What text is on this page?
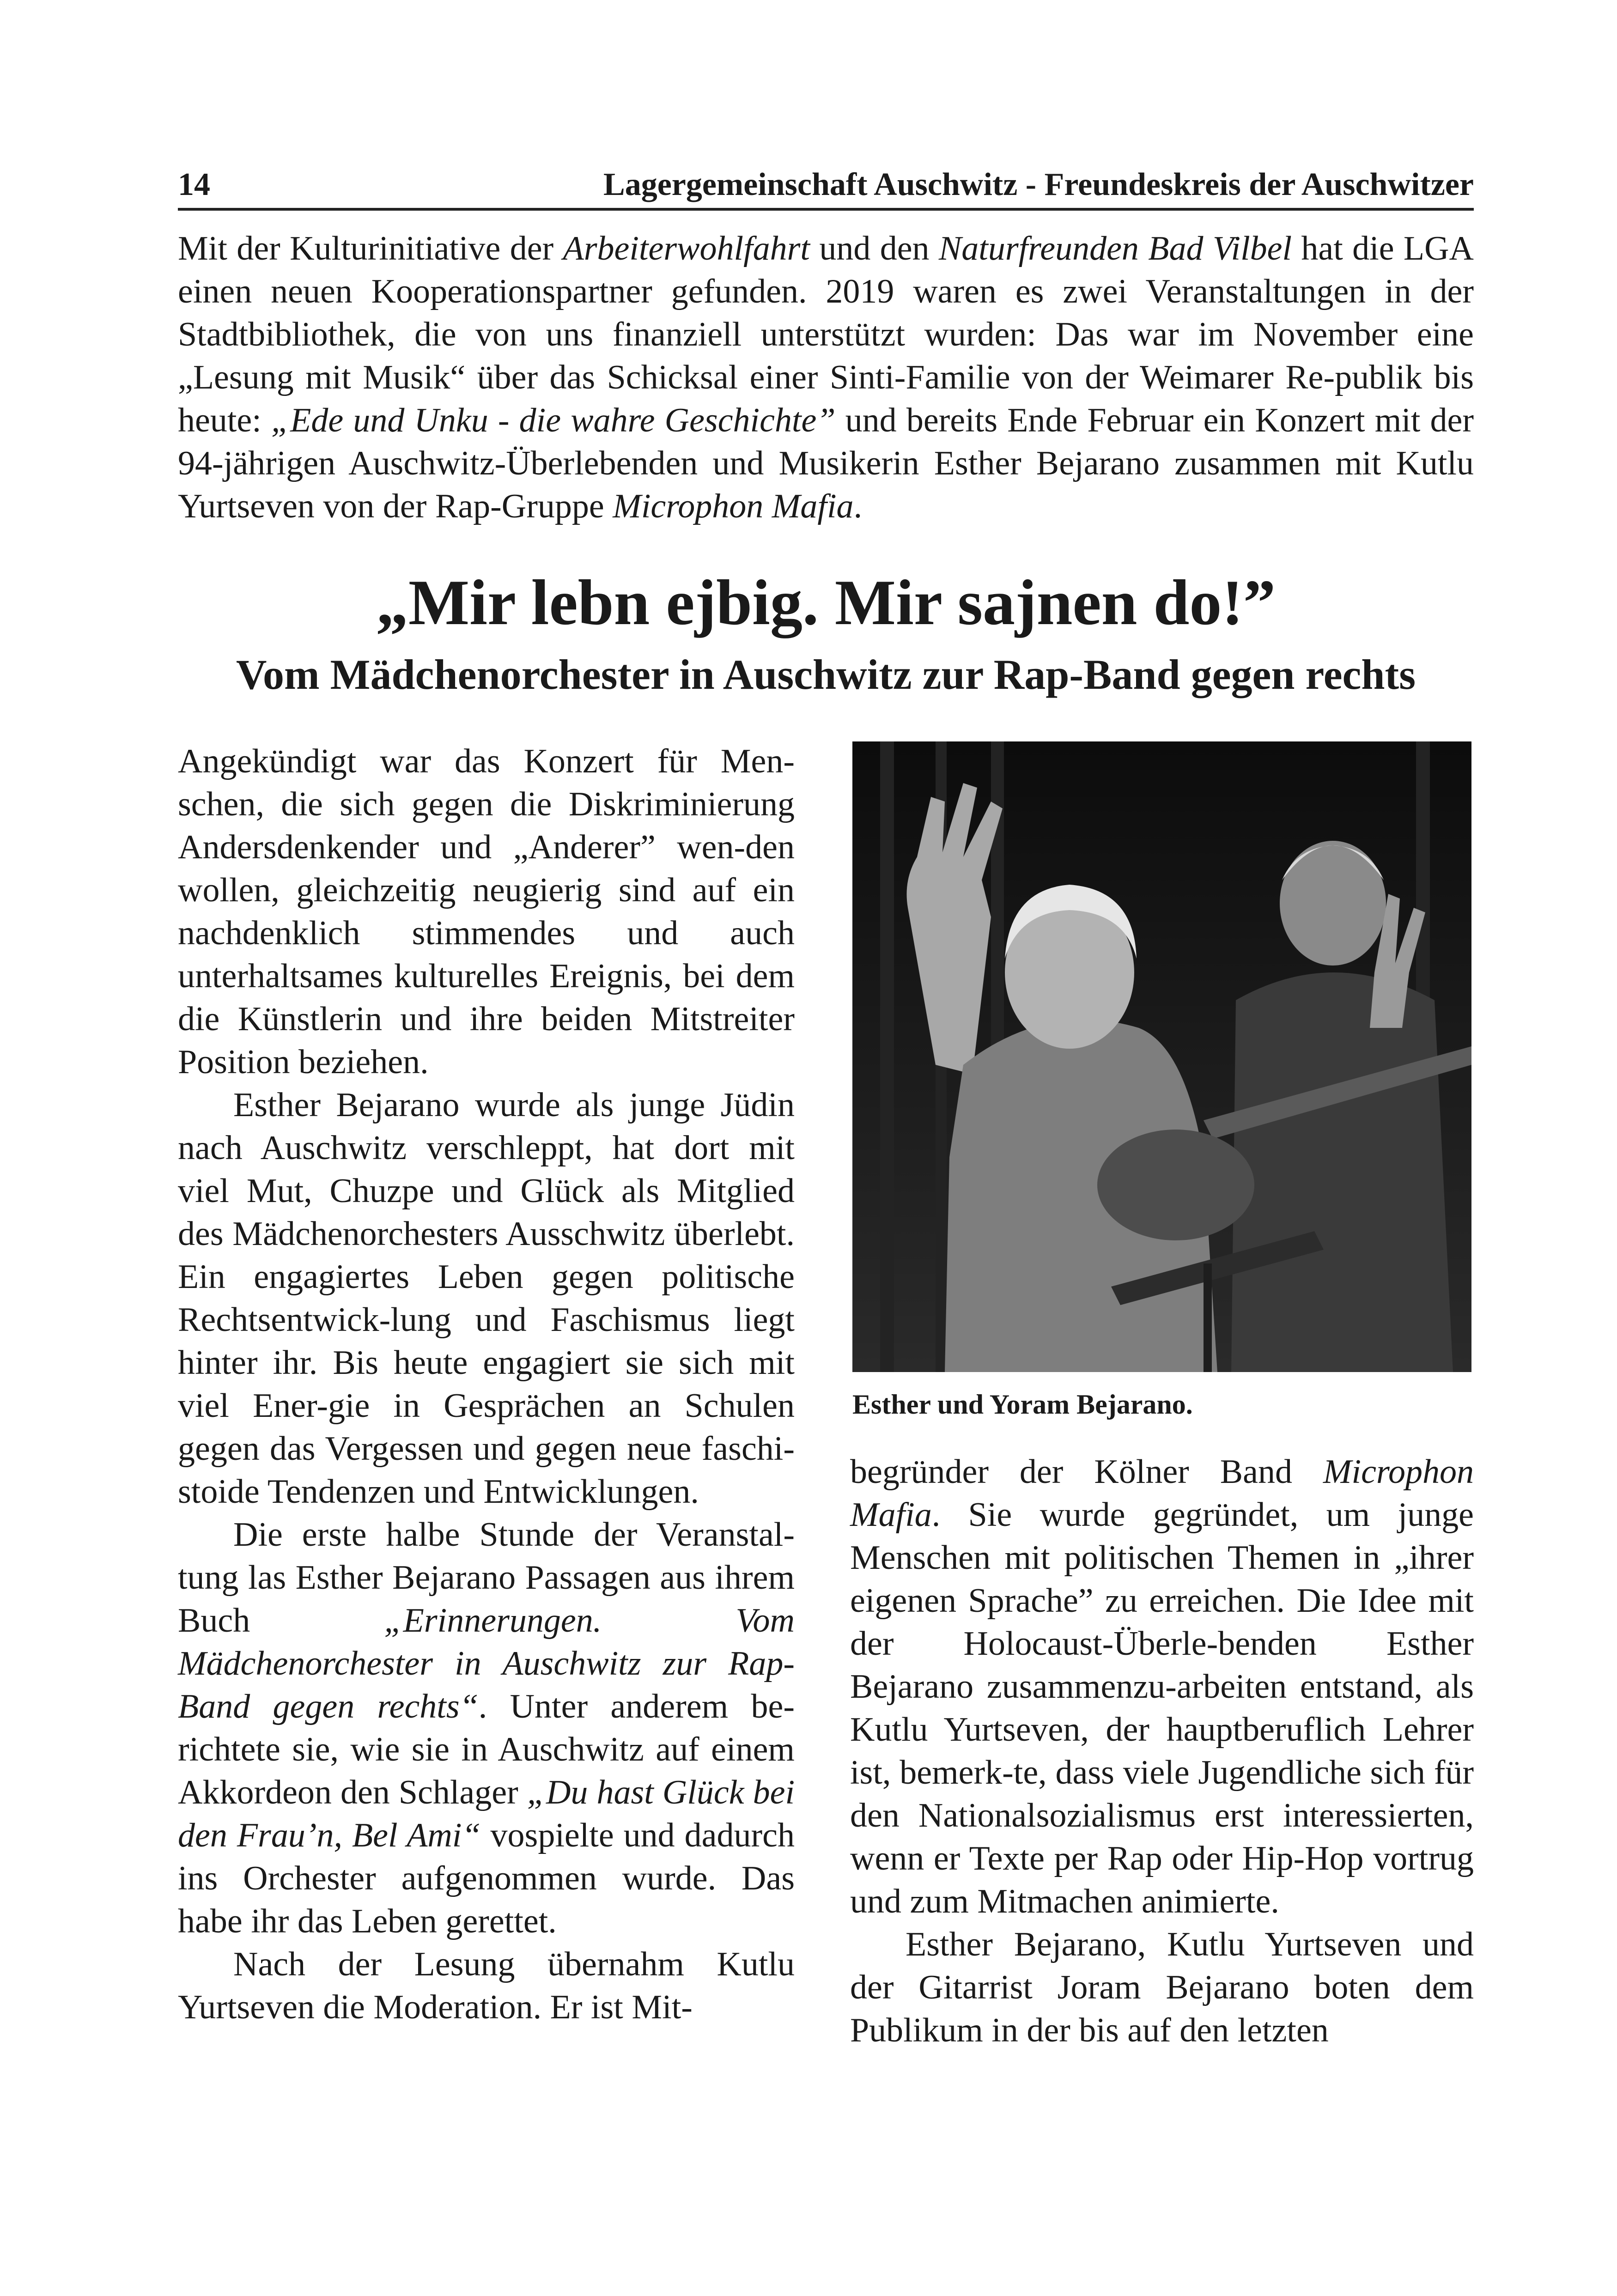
14	Lagergemeinschaft Auschwitz - Freundeskreis der Auschwitzer

Mit der Kulturinitiative der Arbeiterwohlfahrt und den Naturfreunden Bad Vilbel hat die LGA einen neuen Kooperationspartner gefunden. 2019 waren es zwei Veranstaltungen in der Stadtbibliothek, die von uns finanziell unterstützt wurden: Das war im November eine „Lesung mit Musik“ über das Schicksal einer Sinti-Familie von der Weimarer Re-publik bis heute: „Ede und Unku - die wahre Geschichte” und bereits Ende Februar ein Konzert mit der 94-jährigen Auschwitz-Überlebenden und Musikerin Esther Bejarano zusammen mit Kutlu Yurtseven von der Rap-Gruppe Microphon Mafia.

„Mir lebn ejbig. Mir sajnen do!”
Vom Mädchenorchester in Auschwitz zur Rap-Band gegen rechts

Angekündigt war das Konzert für Men-schen, die sich gegen die Diskriminierung Andersdenkender und „Anderer” wen-den wollen, gleichzeitig neugierig sind auf ein nachdenklich stimmendes und auch unterhaltsames kulturelles Ereignis, bei dem die Künstlerin und ihre beiden Mitstreiter Position beziehen.

Esther Bejarano wurde als junge Jüdin nach Auschwitz verschleppt, hat dort mit viel Mut, Chuzpe und Glück als Mitglied des Mädchenorchesters Ausschwitz überlebt. Ein engagiertes Leben gegen politische Rechtsentwick-lung und Faschismus liegt hinter ihr. Bis heute engagiert sie sich mit viel Ener-gie in Gesprächen an Schulen gegen das Vergessen und gegen neue faschi-stoide Tendenzen und Entwicklungen.

Die erste halbe Stunde der Veranstal-tung las Esther Bejarano Passagen aus ihrem Buch „Erinnerungen. Vom Mädchenorchester in Auschwitz zur Rap-Band gegen rechts“. Unter anderem be-richtete sie, wie sie in Auschwitz auf einem Akkordeon den Schlager „Du hast Glück bei den Frau’n, Bel Ami“ vospielte und dadurch ins Orchester aufgenommen wurde. Das habe ihr das Leben gerettet.

Nach der Lesung übernahm Kutlu Yurtseven die Moderation. Er ist Mit-

Esther und Yoram Bejarano.

begründer der Kölner Band Microphon Mafia. Sie wurde gegründet, um junge Menschen mit politischen Themen in „ihrer eigenen Sprache” zu erreichen. Die Idee mit der Holocaust-Überle-benden Esther Bejarano zusammenzu-arbeiten entstand, als Kutlu Yurtseven, der hauptberuflich Lehrer ist, bemerk-te, dass viele Jugendliche sich für den Nationalsozialismus erst interessierten, wenn er Texte per Rap oder Hip-Hop vortrug und zum Mitmachen animierte.

Esther Bejarano, Kutlu Yurtseven und der Gitarrist Joram Bejarano boten dem Publikum in der bis auf den letzten
